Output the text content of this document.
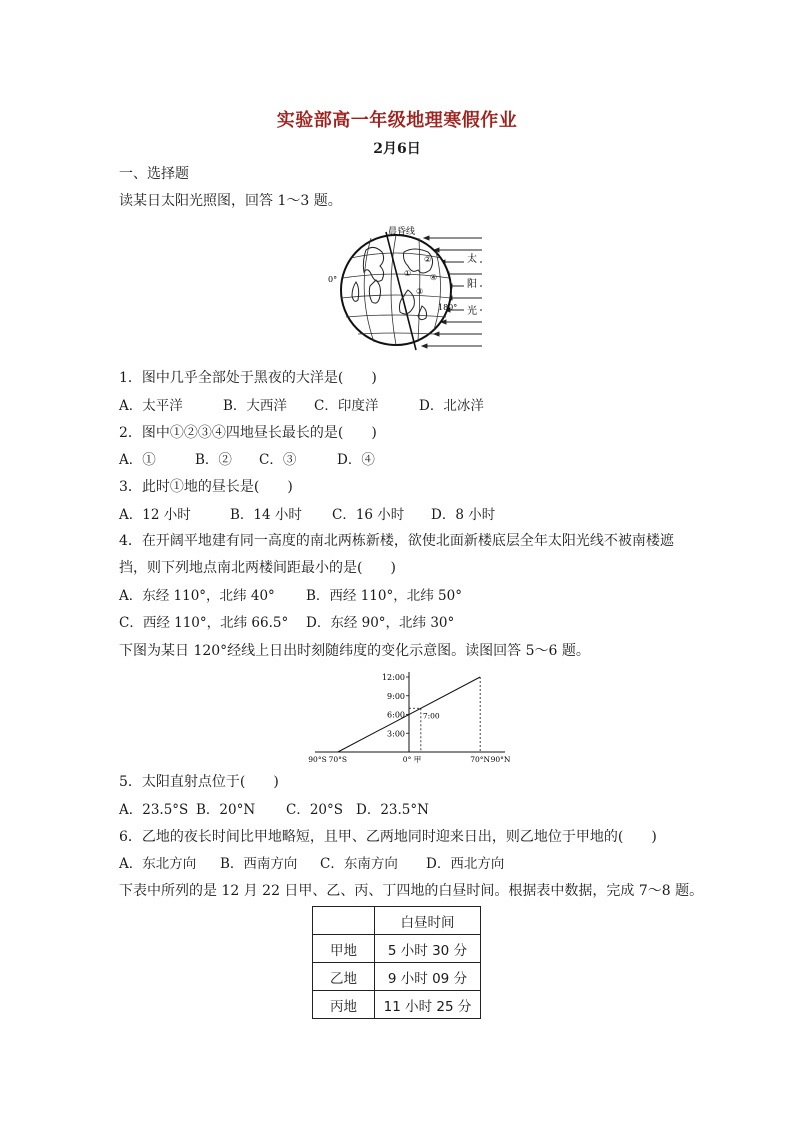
实验部高一年级地理寒假作业
2月6日
一、选择题
读某日太阳光照图，回答 1～3 题。
晨昏线
0°
180°
太
阳
光
②
① ④
③
1．图中几乎全部处于黑夜的大洋是(　　)
A．太平洋	B．大西洋 C．印度洋	D．北冰洋
2．图中①②③④四地昼长最长的是(　　)
A．①	B．② C．③	D．④
3．此时①地的昼长是(　　)
A．12 小时	B．14 小时 C．16 小时 D．8 小时
4．在开阔平地建有同一高度的南北两栋新楼，欲使北面新楼底层全年太阳光线不被南楼遮
挡，则下列地点南北两楼间距最小的是(　　)
A．东经 110°，北纬 40° B．西经 110°，北纬 50°
C．西经 110°，北纬 66.5° D．东经 90°，北纬 30°
下图为某日 120°经线上日出时刻随纬度的变化示意图。读图回答 5～6 题。
12:00
9:00
6:00
3:00
90°S 70°S	0° 甲	70°N 90°N
7:00
5．太阳直射点位于(　　)
A．23.5°S B．20°N C．20°S D．23.5°N
6．乙地的夜长时间比甲地略短，且甲、乙两地同时迎来日出，则乙地位于甲地的(　　)
A．东北方向 B．西南方向 C．东南方向 D．西北方向
下表中所列的是 12 月 22 日甲、乙、丙、丁四地的白昼时间。根据表中数据，完成 7～8 题。
	白昼时间
甲地	5 小时 30 分
乙地	9 小时 09 分
丙地	11 小时 25 分
